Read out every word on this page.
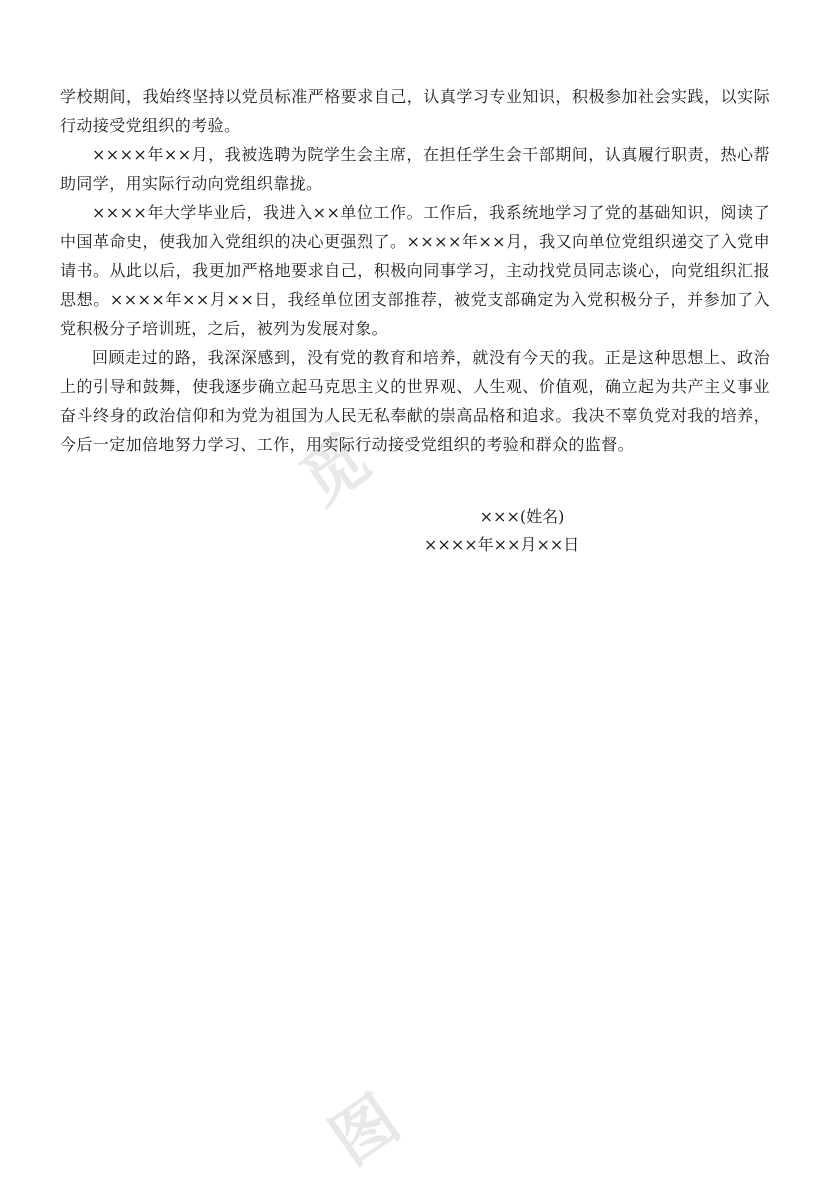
觅
图

学校期间，我始终坚持以党员标准严格要求自己，认真学习专业知识，积极参加社会实践，以实际行动接受党组织的考验。

××××年××月，我被选聘为院学生会主席，在担任学生会干部期间，认真履行职责，热心帮助同学，用实际行动向党组织靠拢。

××××年大学毕业后，我进入××单位工作。工作后，我系统地学习了党的基础知识，阅读了中国革命史，使我加入党组织的决心更强烈了。××××年××月，我又向单位党组织递交了入党申请书。从此以后，我更加严格地要求自己，积极向同事学习，主动找党员同志谈心，向党组织汇报思想。××××年××月××日，我经单位团支部推荐，被党支部确定为入党积极分子，并参加了入党积极分子培训班，之后，被列为发展对象。

回顾走过的路，我深深感到，没有党的教育和培养，就没有今天的我。正是这种思想上、政治上的引导和鼓舞，使我逐步确立起马克思主义的世界观、人生观、价值观，确立起为共产主义事业奋斗终身的政治信仰和为党为祖国为人民无私奉献的崇高品格和追求。我决不辜负党对我的培养，今后一定加倍地努力学习、工作，用实际行动接受党组织的考验和群众的监督。

×××(姓名)
××××年××月××日
